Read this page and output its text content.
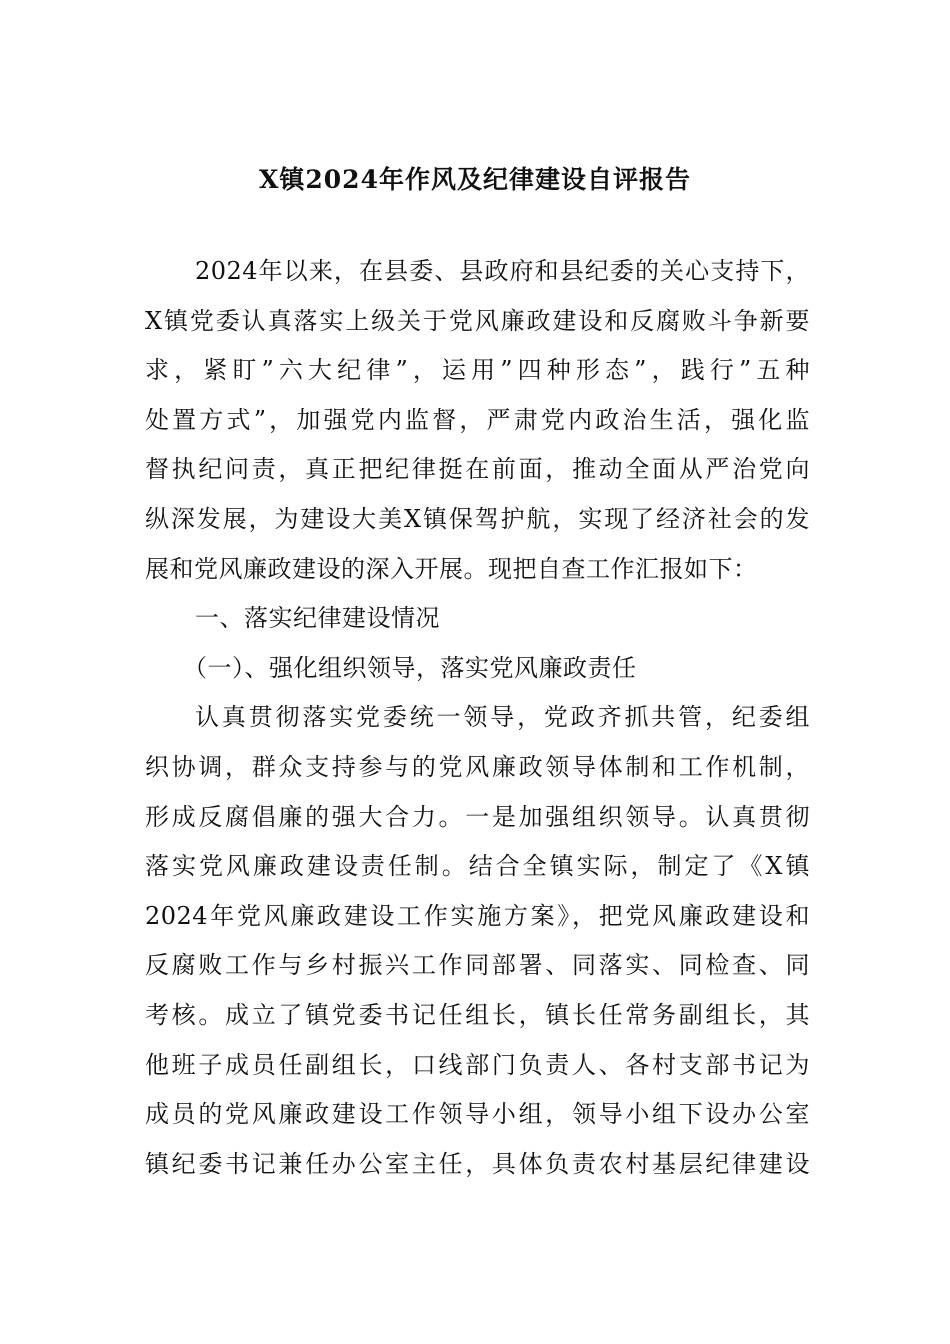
X镇2024年作风及纪律建设自评报告
2024年以来，在县委、县政府和县纪委的关心支持下，
X镇党委认真落实上级关于党风廉政建设和反腐败斗争新要
求，紧盯”六大纪律”，运用”四种形态”，践行”五种
处置方式”，加强党内监督，严肃党内政治生活，强化监
督执纪问责，真正把纪律挺在前面，推动全面从严治党向
纵深发展，为建设大美X镇保驾护航，实现了经济社会的发
展和党风廉政建设的深入开展。现把自查工作汇报如下：
一、落实纪律建设情况
（一）、强化组织领导，落实党风廉政责任
认真贯彻落实党委统一领导，党政齐抓共管，纪委组
织协调，群众支持参与的党风廉政领导体制和工作机制，
形成反腐倡廉的强大合力。一是加强组织领导。认真贯彻
落实党风廉政建设责任制。结合全镇实际，制定了《X镇
2024年党风廉政建设工作实施方案》，把党风廉政建设和
反腐败工作与乡村振兴工作同部署、同落实、同检查、同
考核。成立了镇党委书记任组长，镇长任常务副组长，其
他班子成员任副组长，口线部门负责人、各村支部书记为
成员的党风廉政建设工作领导小组，领导小组下设办公室
镇纪委书记兼任办公室主任，具体负责农村基层纪律建设
